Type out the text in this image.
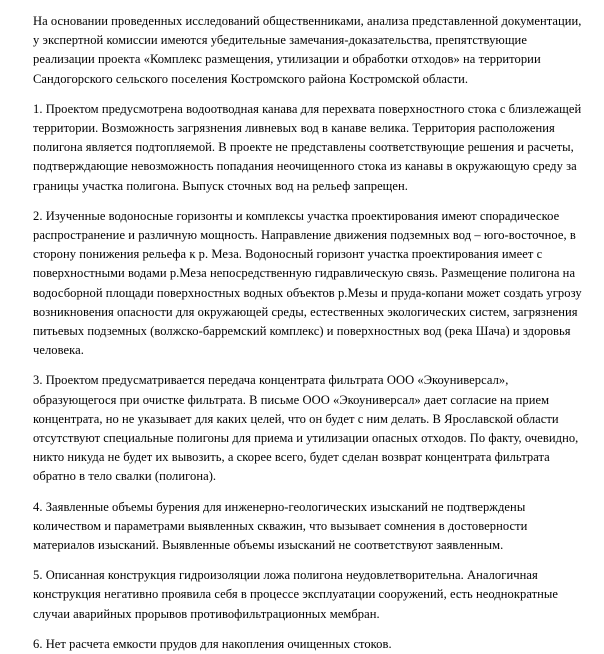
На основании проведенных исследований общественниками, анализа представленной документации, у экспертной комиссии имеются убедительные замечания-доказательства, препятствующие реализации проекта «Комплекс размещения, утилизации и обработки отходов» на территории Сандогорского сельского поселения Костромского района Костромской области.

1. Проектом предусмотрена водоотводная канава для перехвата поверхностного стока с близлежащей территории. Возможность загрязнения ливневых вод в канаве велика. Территория расположения полигона является подтопляемой. В проекте не представлены соответствующие решения и расчеты, подтверждающие невозможность попадания неочищенного стока из канавы в окружающую среду за границы участка полигона. Выпуск сточных вод на рельеф запрещен.

2. Изученные водоносные горизонты и комплексы участка проектирования имеют спорадическое распространение и различную мощность. Направление движения подземных вод – юго-восточное, в сторону понижения рельефа к р. Меза. Водоносный горизонт участка проектирования имеет с поверхностными водами р.Меза непосредственную гидравлическую связь. Размещение полигона на водосборной площади поверхностных водных объектов р.Мезы и пруда-копани может создать угрозу возникновения опасности для окружающей среды, естественных экологических систем, загрязнения питьевых подземных (волжско-барремский комплекс) и поверхностных вод (река Шача) и здоровья человека.

3. Проектом предусматривается передача концентрата фильтрата ООО «Экоуниверсал», образующегося при очистке фильтрата. В письме ООО «Экоуниверсал» дает согласие на прием концентрата, но не указывает для каких целей, что он будет с ним делать. В Ярославской области отсутствуют специальные полигоны для приема и утилизации опасных отходов. По факту, очевидно, никто никуда не будет их вывозить, а скорее всего, будет сделан возврат концентрата фильтрата обратно в тело свалки (полигона).

4. Заявленные объемы бурения для инженерно-геологических изысканий не подтверждены количеством и параметрами выявленных скважин, что вызывает сомнения в достоверности материалов изысканий. Выявленные объемы изысканий не соответствуют заявленным.

5. Описанная конструкция гидроизоляции ложа полигона неудовлетворительна. Аналогичная конструкция негативно проявила себя в процессе эксплуатации сооружений, есть неоднократные случаи аварийных прорывов противофильтрационных мембран.

6. Нет расчета емкости прудов для накопления очищенных стоков.
